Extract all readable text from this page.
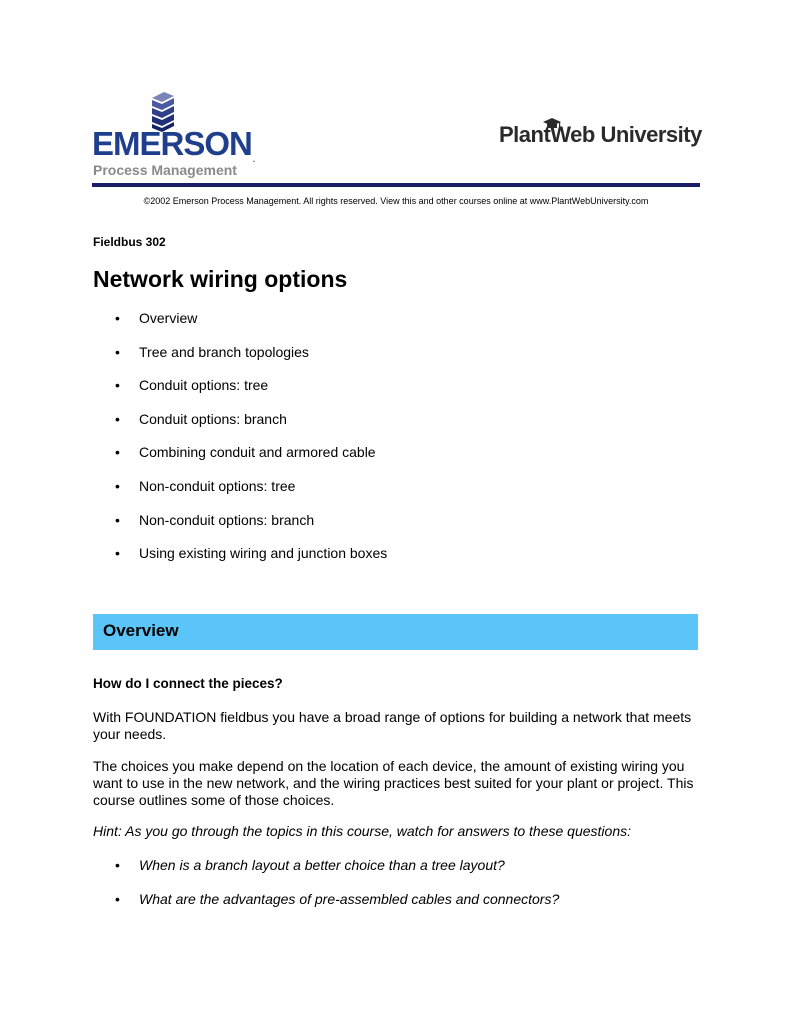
EMERSON.
Process Management
PlantWeb University
©2002 Emerson Process Management. All rights reserved. View this and other courses online at www.PlantWebUniversity.com
Fieldbus 302
Network wiring options
• Overview
• Tree and branch topologies
• Conduit options: tree
• Conduit options: branch
• Combining conduit and armored cable
• Non-conduit options: tree
• Non-conduit options: branch
• Using existing wiring and junction boxes
Overview
How do I connect the pieces?

With FOUNDATION fieldbus you have a broad range of options for building a network that meets your needs.

The choices you make depend on the location of each device, the amount of existing wiring you want to use in the new network, and the wiring practices best suited for your plant or project. This course outlines some of those choices.

Hint: As you go through the topics in this course, watch for answers to these questions:

• When is a branch layout a better choice than a tree layout?
• What are the advantages of pre-assembled cables and connectors?
